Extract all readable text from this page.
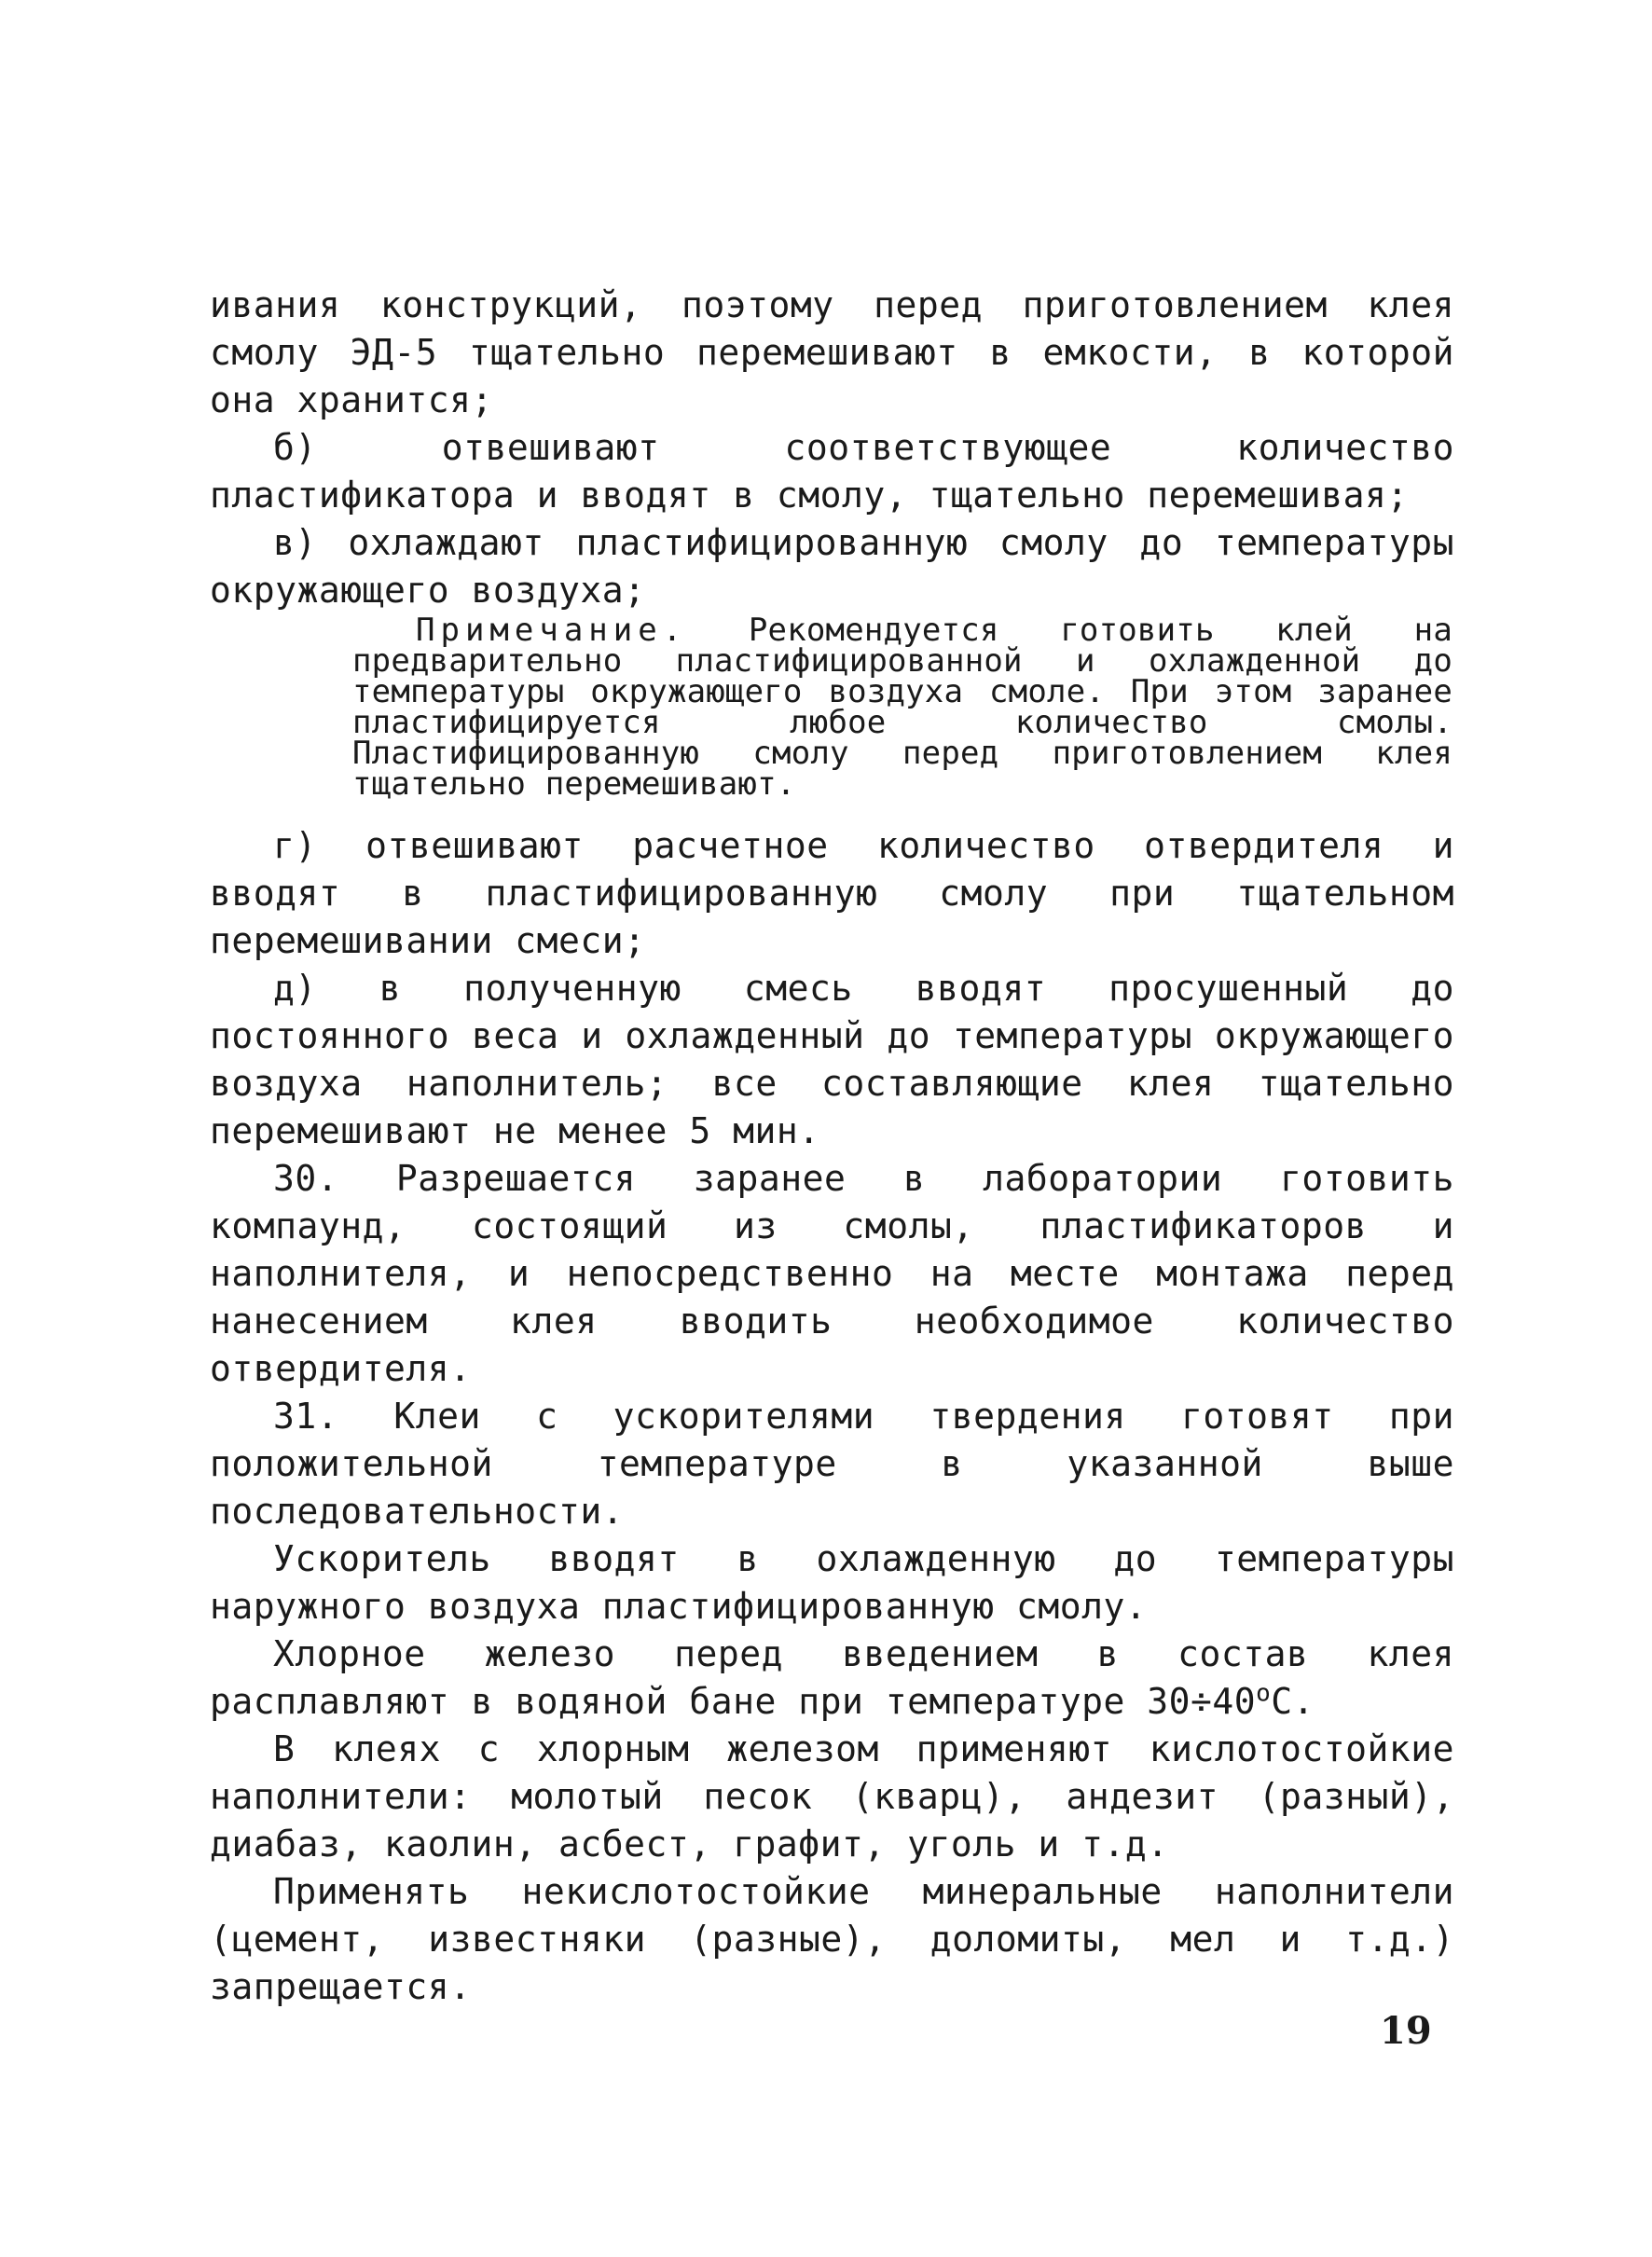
ивания конструкций, поэтому перед приготовлением клея смолу ЭД-5 тщательно перемешивают в емкости, в которой она хранится;

б) отвешивают соответствующее количество пластификатора и вводят в смолу, тщательно перемешивая;

в) охлаждают пластифицированную смолу до температуры окружающего воздуха;

Примечание. Рекомендуется готовить клей на предварительно пластифицированной и охлажденной до температуры окружающего воздуха смоле. При этом заранее пластифицируется любое количество смолы. Пластифицированную смолу перед приготовлением клея тщательно перемешивают.

г) отвешивают расчетное количество отвердителя и вводят в пластифицированную смолу при тщательном перемешивании смеси;

д) в полученную смесь вводят просушенный до постоянного веса и охлажденный до температуры окружающего воздуха наполнитель; все составляющие клея тщательно перемешивают не менее 5 мин.

30. Разрешается заранее в лаборатории готовить компаунд, состоящий из смолы, пластификаторов и наполнителя, и непосредственно на месте монтажа перед нанесением клея вводить необходимое количество отвердителя.

31. Клеи с ускорителями твердения готовят при положительной температуре в указанной выше последовательности.

Ускоритель вводят в охлажденную до температуры наружного воздуха пластифицированную смолу.

Хлорное железо перед введением в состав клея расплавляют в водяной бане при температуре $30\div 40^оС$.

В клеях с хлорным железом применяют кислотостойкие наполнители: молотый песок (кварц), андезит (разный), диабаз, каолин, асбест, графит, уголь и т.д.

Применять некислотостойкие минеральные наполнители (цемент, известняки (разные), доломиты, мел и т.д.) запрещается.

19
